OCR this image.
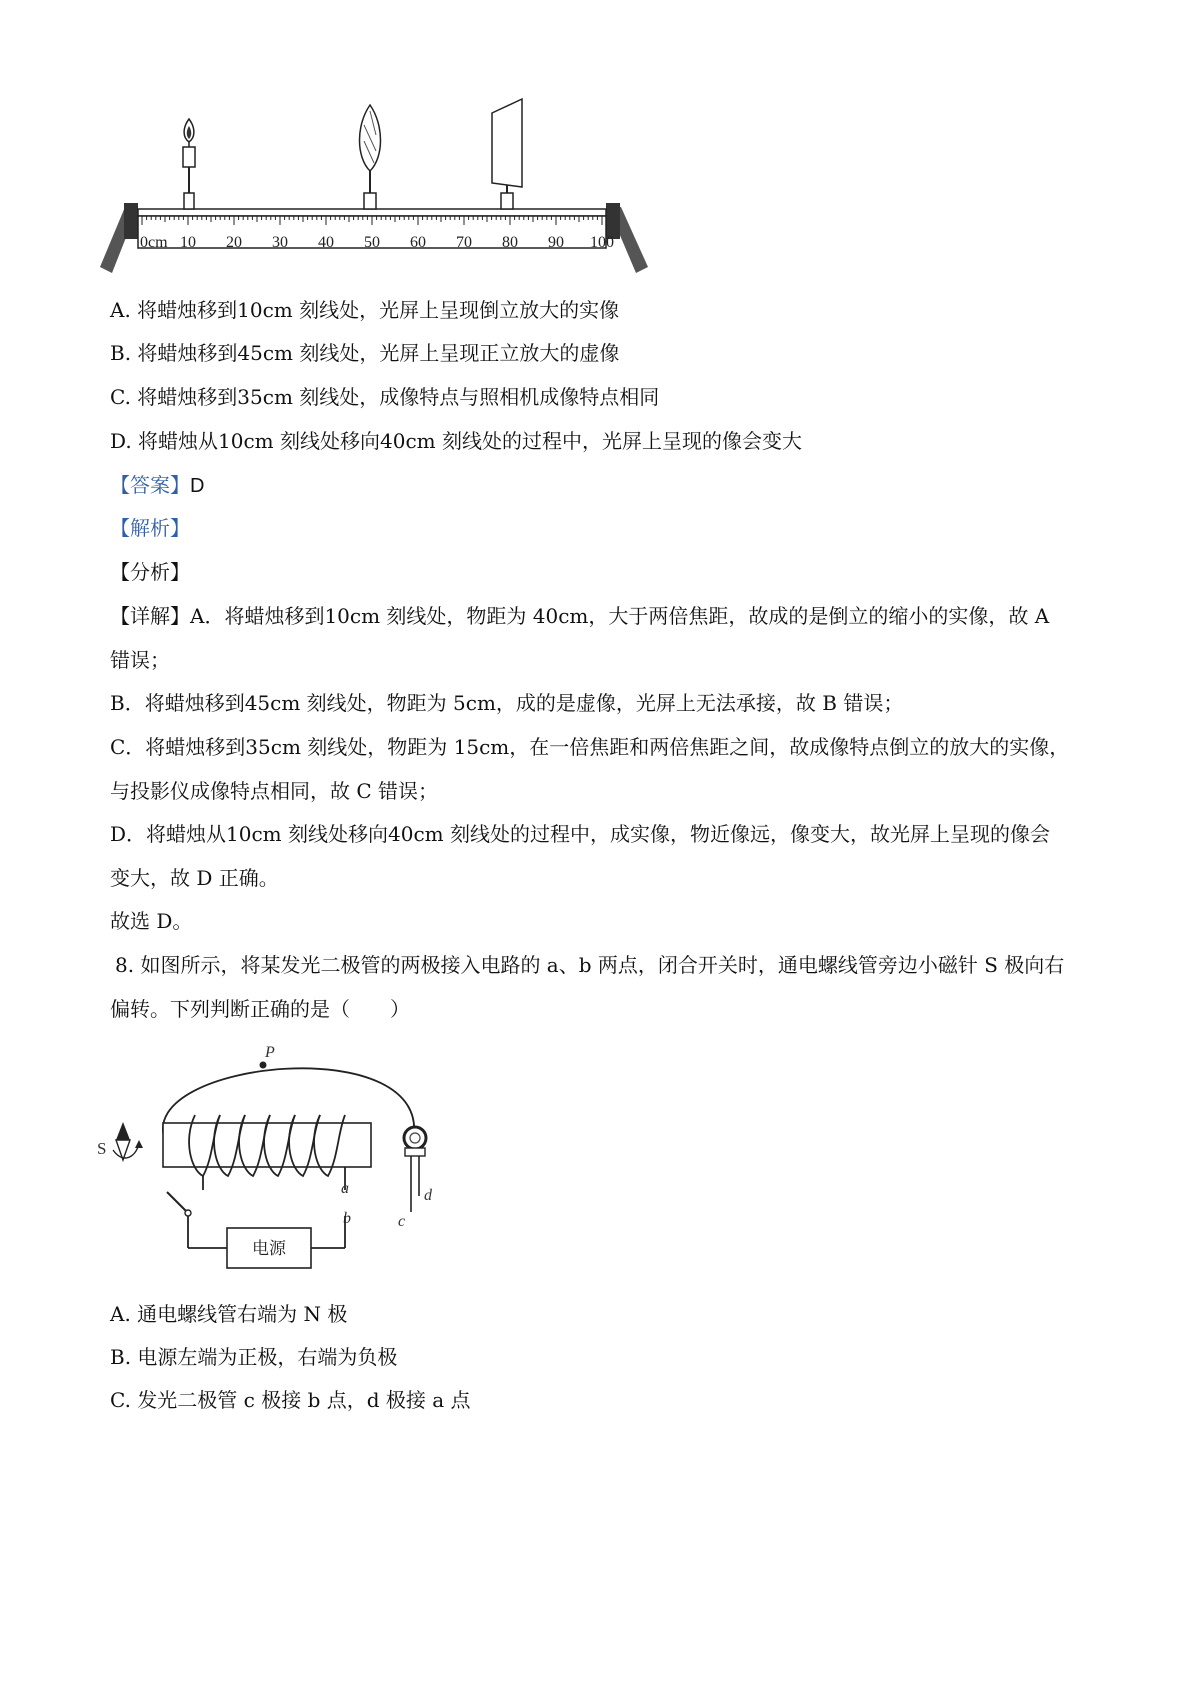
0cm 10 20 30 40 50 60 70 80 90 100
A. 将蜡烛移到10cm 刻线处，光屏上呈现倒立放大的实像
B. 将蜡烛移到45cm 刻线处，光屏上呈现正立放大的虚像
C. 将蜡烛移到35cm 刻线处，成像特点与照相机成像特点相同
D. 将蜡烛从10cm 刻线处移向40cm 刻线处的过程中，光屏上呈现的像会变大
【答案】D
【解析】
【分析】
【详解】A．将蜡烛移到10cm 刻线处，物距为 40cm，大于两倍焦距，故成的是倒立的缩小的实像，故 A
错误；
B．将蜡烛移到45cm 刻线处，物距为 5cm，成的是虚像，光屏上无法承接，故 B 错误；
C．将蜡烛移到35cm 刻线处，物距为 15cm，在一倍焦距和两倍焦距之间，故成像特点倒立的放大的实像，
与投影仪成像特点相同，故 C 错误；
D．将蜡烛从10cm 刻线处移向40cm 刻线处的过程中，成实像，物近像远，像变大，故光屏上呈现的像会
变大，故 D 正确。
故选 D。
8. 如图所示，将某发光二极管的两极接入电路的 a、b 两点，闭合开关时，通电螺线管旁边小磁针 S 极向右
偏转。下列判断正确的是（　　）
P
a
b
S
电源
d
c
A. 通电螺线管右端为 N 极
B. 电源左端为正极，右端为负极
C. 发光二极管 c 极接 b 点，d 极接 a 点
